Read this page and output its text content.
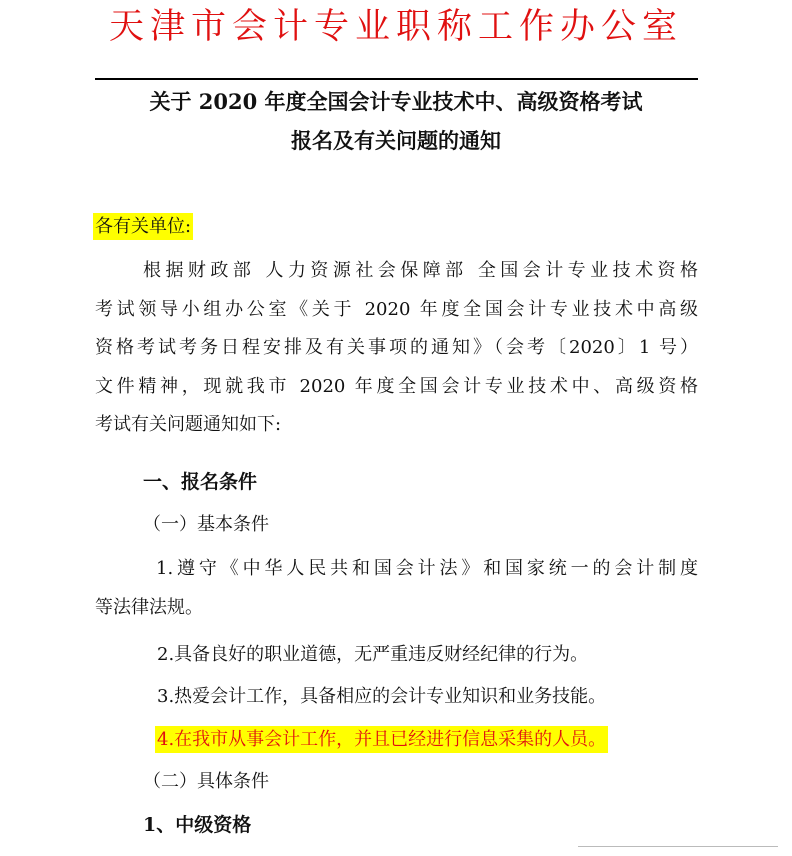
天津市会计专业职称工作办公室
关于 2020 年度全国会计专业技术中、高级资格考试
报名及有关问题的通知
各有关单位:
根据财政部 人力资源社会保障部 全国会计专业技术资格
考试领导小组办公室《关于 2020 年度全国会计专业技术中高级
资格考试考务日程安排及有关事项的通知》（会考〔2020〕1 号）
文件精神，现就我市 2020 年度全国会计专业技术中、高级资格
考试有关问题通知如下:
一、报名条件
（一）基本条件
1.遵守《中华人民共和国会计法》和国家统一的会计制度
等法律法规。
2.具备良好的职业道德，无严重违反财经纪律的行为。
3.热爱会计工作，具备相应的会计专业知识和业务技能。
4.在我市从事会计工作，并且已经进行信息采集的人员。
（二）具体条件
1、中级资格
